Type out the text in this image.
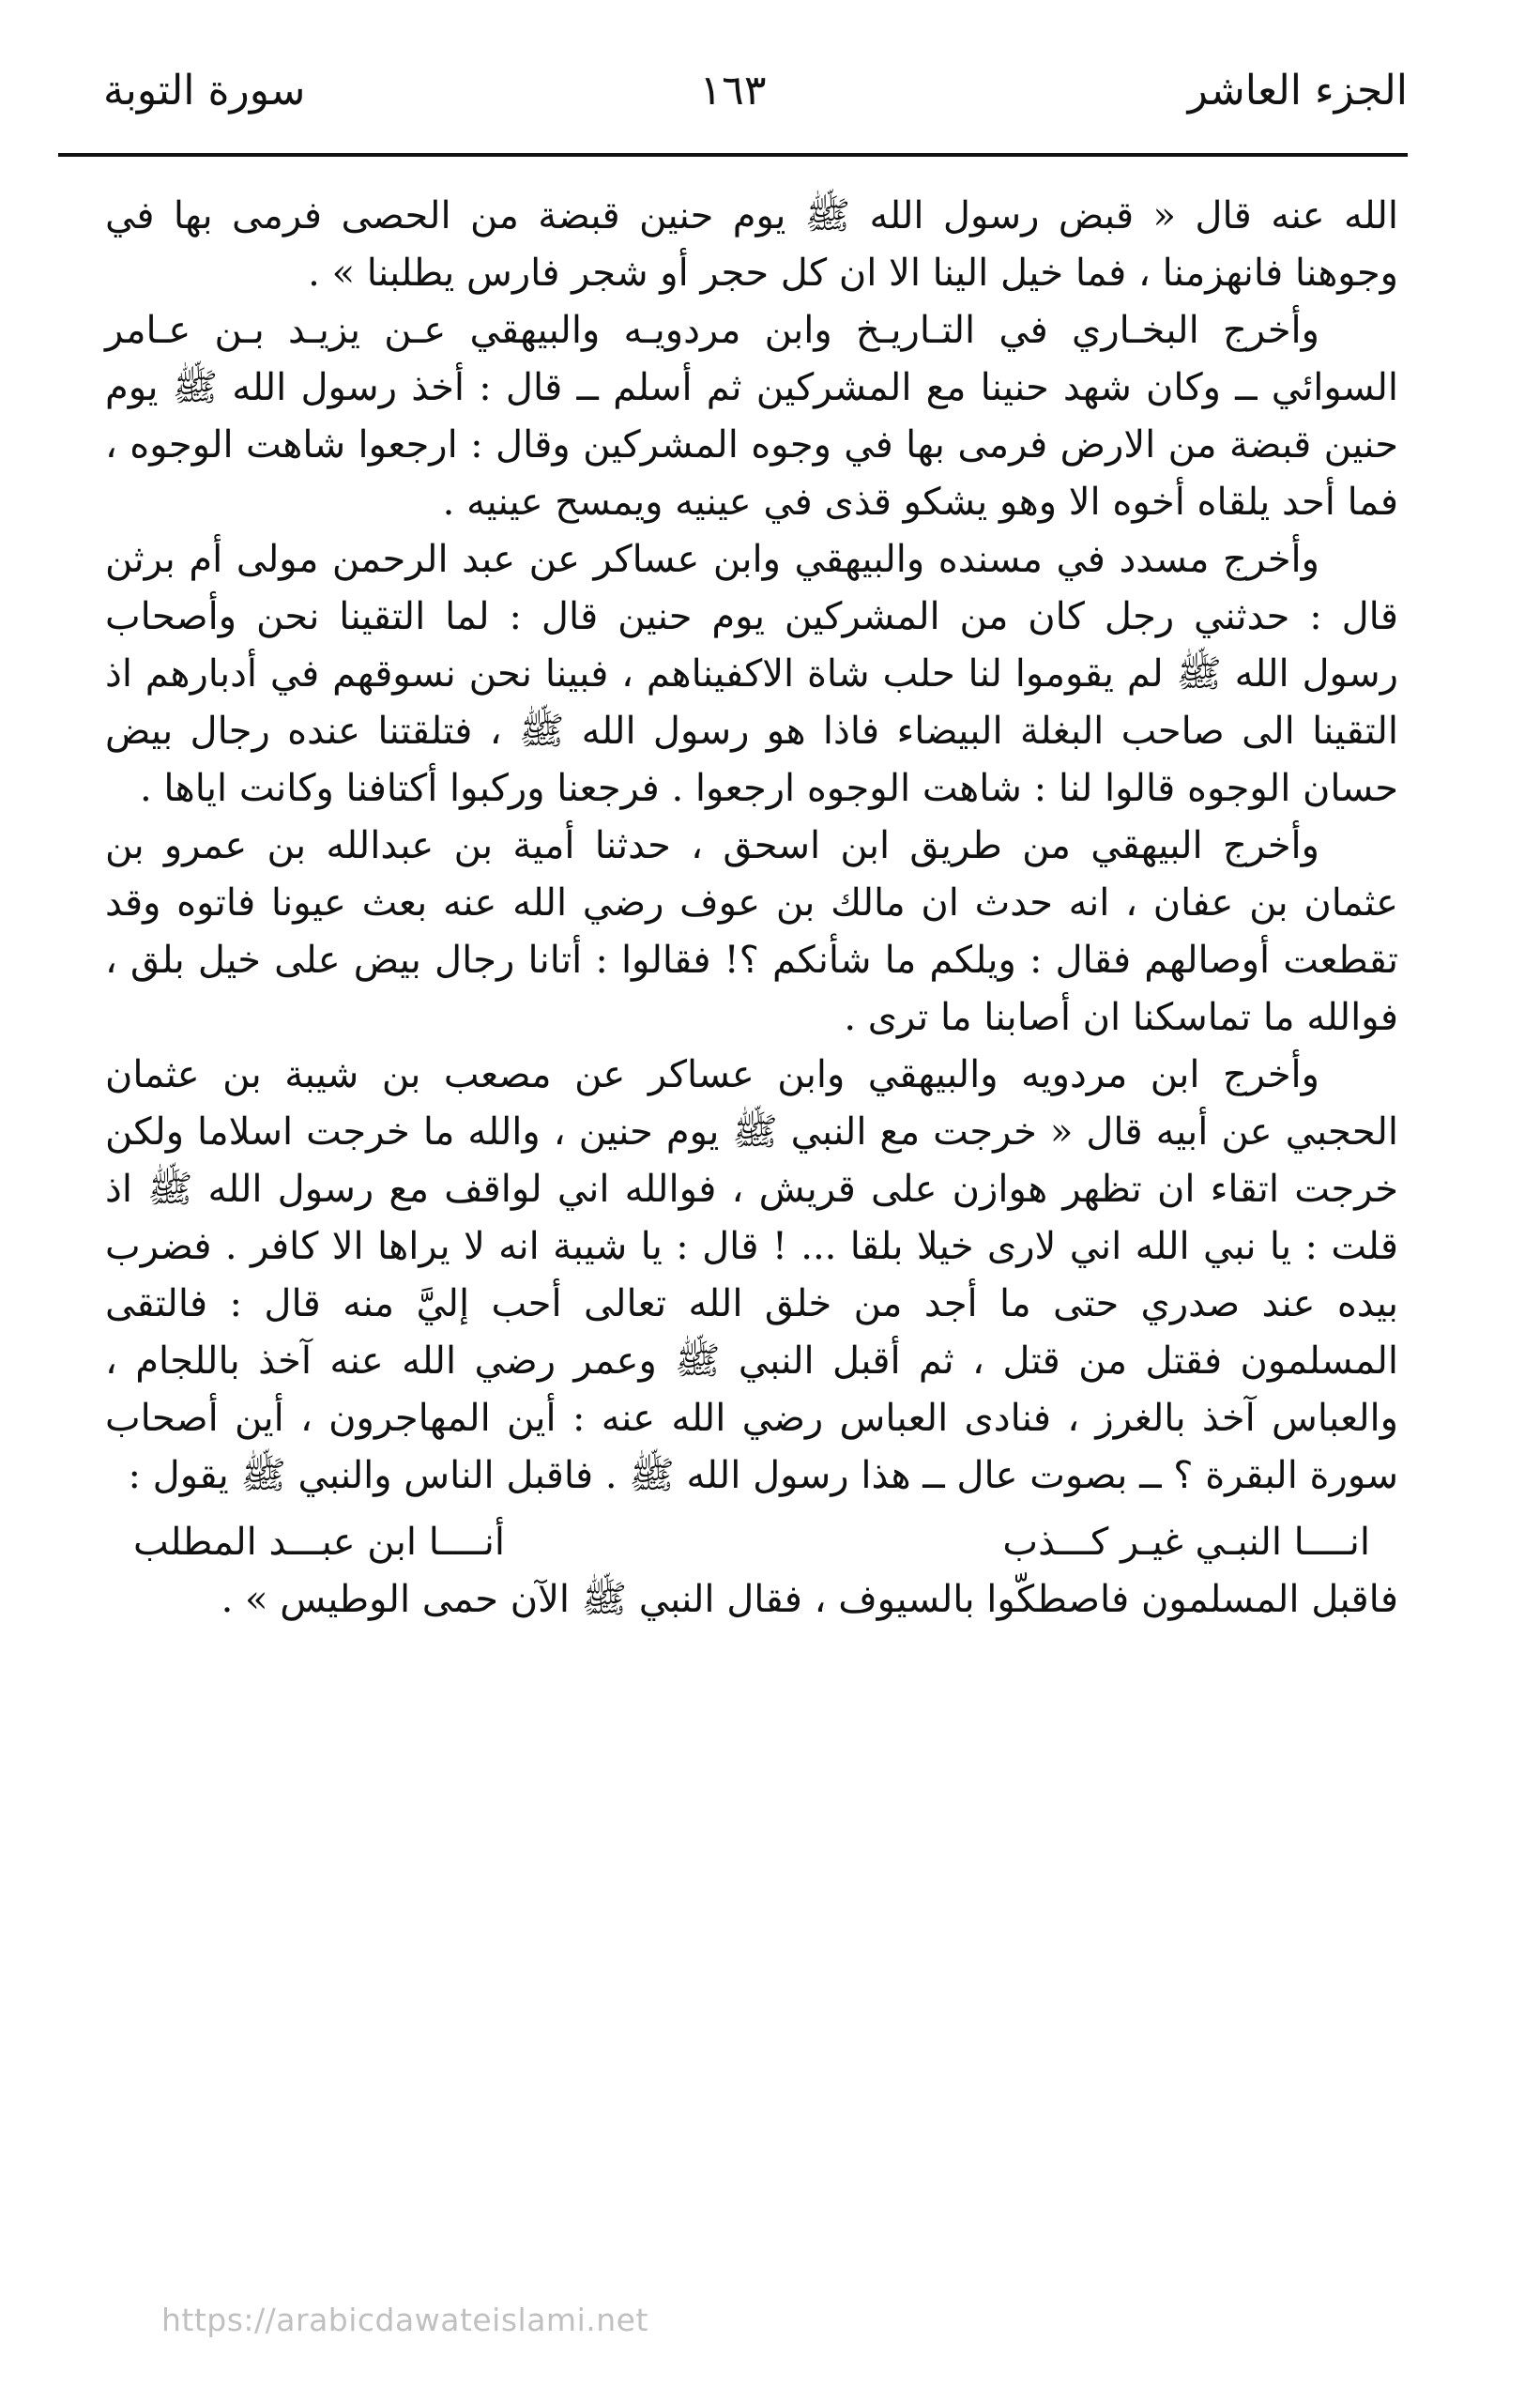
الجزء العاشر
١٦٣
سورة التوبة

الله عنه قال « قبض رسول الله ﷺ يوم حنين قبضة من الحصى فرمى بها في وجوهنا فانهزمنا ، فما خيل الينا الا ان كل حجر أو شجر فارس يطلبنا » .

وأخرج البخـاري في التـاريـخ وابن مردويـه والبيهقي عـن يزيـد بـن عـامر السوائي ــ وكان شهد حنينا مع المشركين ثم أسلم ــ قال : أخذ رسول الله ﷺ يوم حنين قبضة من الارض فرمى بها في وجوه المشركين وقال : ارجعوا شاهت الوجوه ، فما أحد يلقاه أخوه الا وهو يشكو قذى في عينيه ويمسح عينيه .

وأخرج مسدد في مسنده والبيهقي وابن عساكر عن عبد الرحمن مولى أم برثن قال : حدثني رجل كان من المشركين يوم حنين قال : لما التقينا نحن وأصحاب رسول الله ﷺ لم يقوموا لنا حلب شاة الاكفيناهم ، فبينا نحن نسوقهم في أدبارهم اذ التقينا الى صاحب البغلة البيضاء فاذا هو رسول الله ﷺ ، فتلقتنا عنده رجال بيض حسان الوجوه قالوا لنا : شاهت الوجوه ارجعوا . فرجعنا وركبوا أكتافنا وكانت اياها .

وأخرج البيهقي من طريق ابن اسحق ، حدثنا أمية بن عبدالله بن عمرو بن عثمان بن عفان ، انه حدث ان مالك بن عوف رضي الله عنه بعث عيونا فاتوه وقد تقطعت أوصالهم فقال : ويلكم ما شأنكم ؟! فقالوا : أتانا رجال بيض على خيل بلق ، فوالله ما تماسكنا ان أصابنا ما ترى .

وأخرج ابن مردويه والبيهقي وابن عساكر عن مصعب بن شيبة بن عثمان الحجبي عن أبيه قال « خرجت مع النبي ﷺ يوم حنين ، والله ما خرجت اسلاما ولكن خرجت اتقاء ان تظهر هوازن على قريش ، فوالله اني لواقف مع رسول الله ﷺ اذ قلت : يا نبي الله اني لارى خيلا بلقا ... ! قال : يا شيبة انه لا يراها الا كافر . فضرب بيده عند صدري حتى ما أجد من خلق الله تعالى أحب إليَّ منه قال : فالتقى المسلمون فقتل من قتل ، ثم أقبل النبي ﷺ وعمر رضي الله عنه آخذ باللجام ، والعباس آخذ بالغرز ، فنادى العباس رضي الله عنه : أين المهاجرون ، أين أصحاب سورة البقرة ؟ ــ بصوت عال ــ هذا رسول الله ﷺ . فاقبل الناس والنبي ﷺ يقول :

انــــا النبـي غيـر كـــذب
أنــــا ابن عبـــد المطلب

فاقبل المسلمون فاصطكّوا بالسيوف ، فقال النبي ﷺ الآن حمى الوطيس » .

https://arabicdawateislami.net
